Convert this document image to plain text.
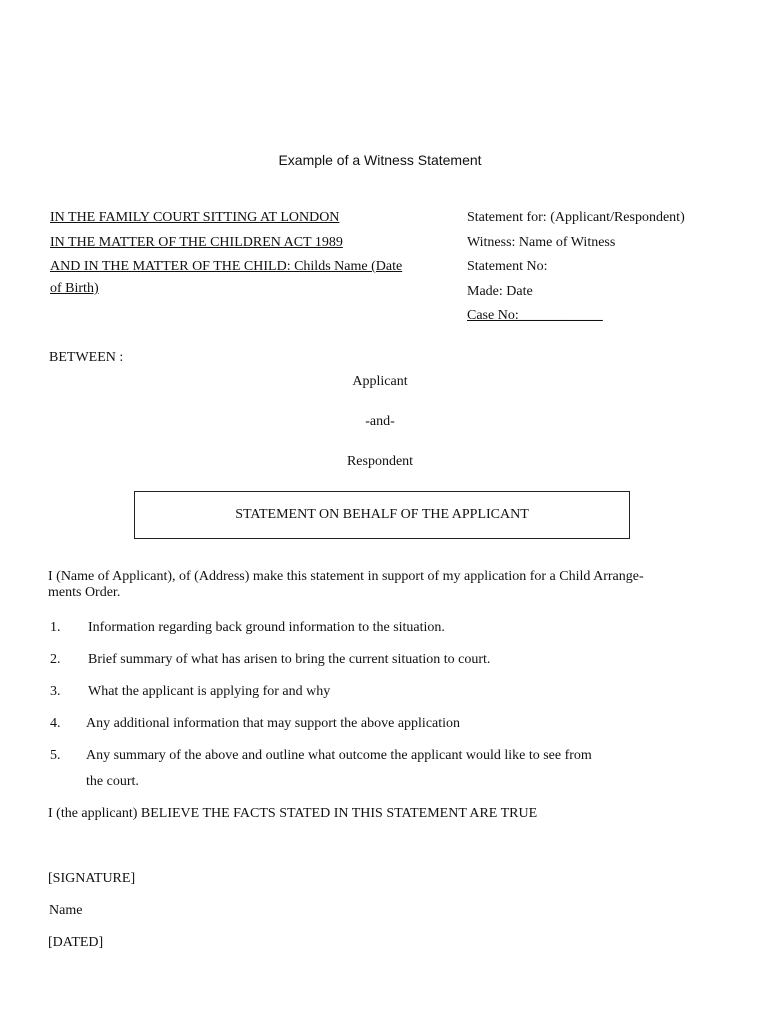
Example of a Witness Statement
IN THE FAMILY COURT SITTING AT LONDON
IN THE MATTER OF THE CHILDREN ACT 1989
AND IN THE MATTER OF THE CHILD: Childs Name (Date
of Birth)
Statement for: (Applicant/Respondent)
Witness: Name of Witness
Statement No:
Made: Date
Case No:____________
BETWEEN :
Applicant
-and-
Respondent
STATEMENT ON BEHALF OF THE APPLICANT
I (Name of Applicant), of (Address) make this statement in support of my application for a Child Arrange-
ments Order.
1. Information regarding back ground information to the situation.
2. Brief summary of what has arisen to bring the current situation to court.
3. What the applicant is applying for and why
4. Any additional information that may support the above application
5. Any summary of the above and outline what outcome the applicant would like to see from
the court.
I (the applicant) BELIEVE THE FACTS STATED IN THIS STATEMENT ARE TRUE
[SIGNATURE]
Name
[DATED]
